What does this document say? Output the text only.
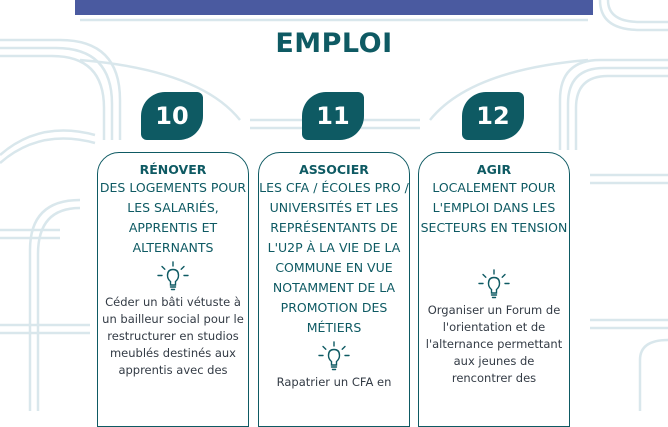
EMPLOI
10	11	12
RÉNOVER
DES LOGEMENTS POUR LES SALARIÉS, APPRENTIS ET ALTERNANTS
Céder un bâti vétuste à un bailleur social pour le restructurer en studios meublés destinés aux apprentis avec des
ASSOCIER
LES CFA / ÉCOLES PRO / UNIVERSITÉS ET LES REPRÉSENTANTS DE L'U2P À LA VIE DE LA COMMUNE EN VUE NOTAMMENT DE LA PROMOTION DES MÉTIERS
Rapatrier un CFA en
AGIR
LOCALEMENT POUR L'EMPLOI DANS LES SECTEURS EN TENSION
Organiser un Forum de l'orientation et de l'alternance permettant aux jeunes de rencontrer des
